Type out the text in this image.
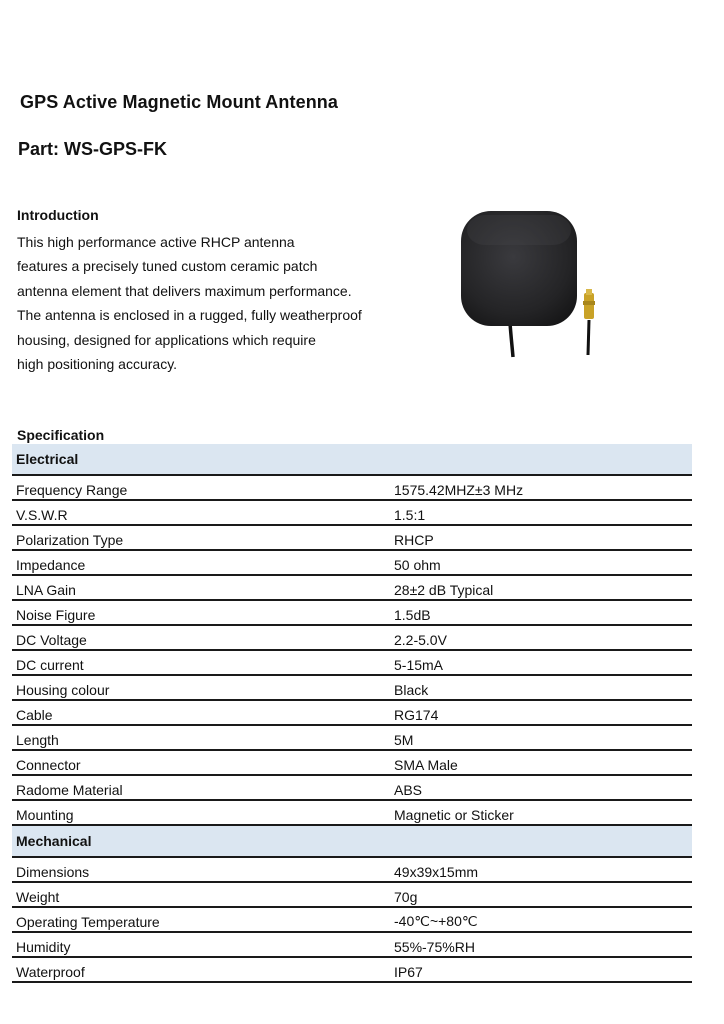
GPS Active Magnetic Mount Antenna
Part: WS-GPS-FK
Introduction
This high performance active RHCP antenna
features a precisely tuned custom ceramic patch
antenna element that delivers maximum performance.
The antenna is enclosed in a rugged, fully weatherproof
housing, designed for applications which require
high positioning accuracy.
Specification
Electrical	
Frequency Range	1575.42MHZ±3 MHz
V.S.W.R	1.5:1
Polarization Type	RHCP
Impedance	50 ohm
LNA Gain	28±2 dB Typical
Noise Figure	1.5dB
DC Voltage	2.2-5.0V
DC current	5-15mA
Housing colour	Black
Cable	RG174
Length	5M
Connector	SMA Male
Radome Material	ABS
Mounting	Magnetic or Sticker
Mechanical	
Dimensions	49x39x15mm
Weight	70g
Operating Temperature	-40℃~+80℃
Humidity	55%-75%RH
Waterproof	IP67
